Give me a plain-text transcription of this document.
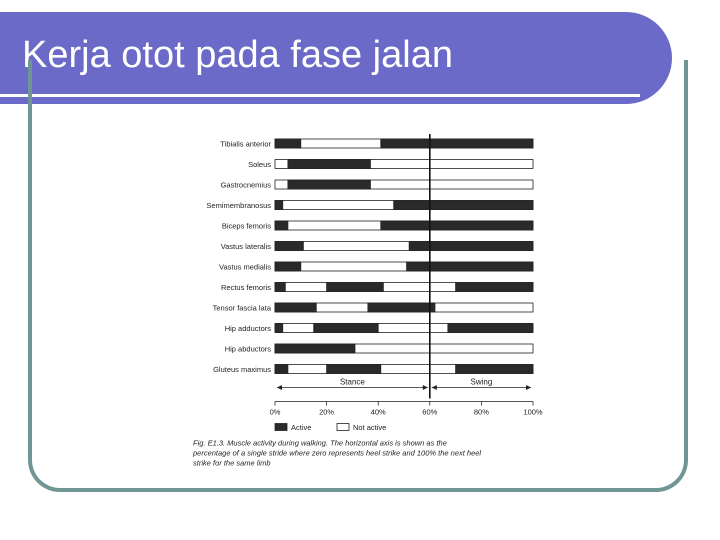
Kerja otot pada fase jalan
Tibialis anterior
Soleus
Gastrocnemius
Semimembranosus
Biceps femoris
Vastus lateralis
Vastus medialis
Rectus femoris
Tensor fascia lata
Hip adductors
Hip abductors
Gluteus maximus
Stance	Swing
0%	20%	40%	60%	80%	100%
Active	Not active
Fig. E1.3. Muscle activity during walking. The horizontal axis is shown as the percentage of a single stride where zero represents heel strike and 100% the next heel strike for the same limb
